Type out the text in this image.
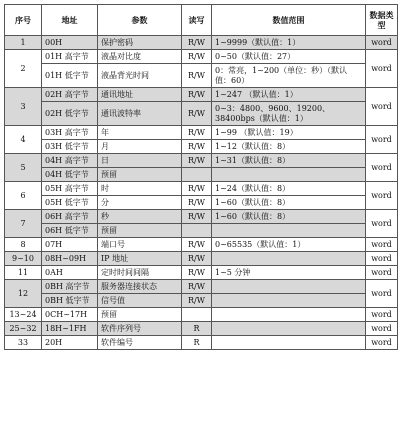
序号	地址	参数	读写	数值范围	数据类型
1	00H	保护密码	R/W	1~9999（默认值：1）	word
2	01H 高字节	液晶对比度	R/W	0~50（默认值：27）	word
	01H 低字节	液晶背光时间	R/W	0：常亮，1~200（单位：秒）（默认值：60）	
3	02H 高字节	通讯地址	R/W	1~247 （默认值：1）	word
	02H 低字节	通讯波特率	R/W	0~3：4800、9600、19200、38400bps（默认值：1）	
4	03H 高字节	年	R/W	1~99 （默认值：19）	word
	03H 低字节	月	R/W	1~12（默认值：8）	
5	04H 高字节	日	R/W	1~31（默认值：8）	word
	04H 低字节	预留			
6	05H 高字节	时	R/W	1~24（默认值：8）	word
	05H 低字节	分	R/W	1~60（默认值：8）	
7	06H 高字节	秒	R/W	1~60（默认值：8）	word
	06H 低字节	预留			
8	07H	端口号	R/W	0~65535（默认值：1）	word
9~10	08H~09H	IP 地址	R/W		word
11	0AH	定时时间间隔	R/W	1~5 分钟	word
12	0BH 高字节	服务器连接状态	R/W		word
	0BH 低字节	信号值	R/W		
13~24	0CH~17H	预留			word
25~32	18H~1FH	软件序列号	R		word
33	20H	软件编号	R		word
